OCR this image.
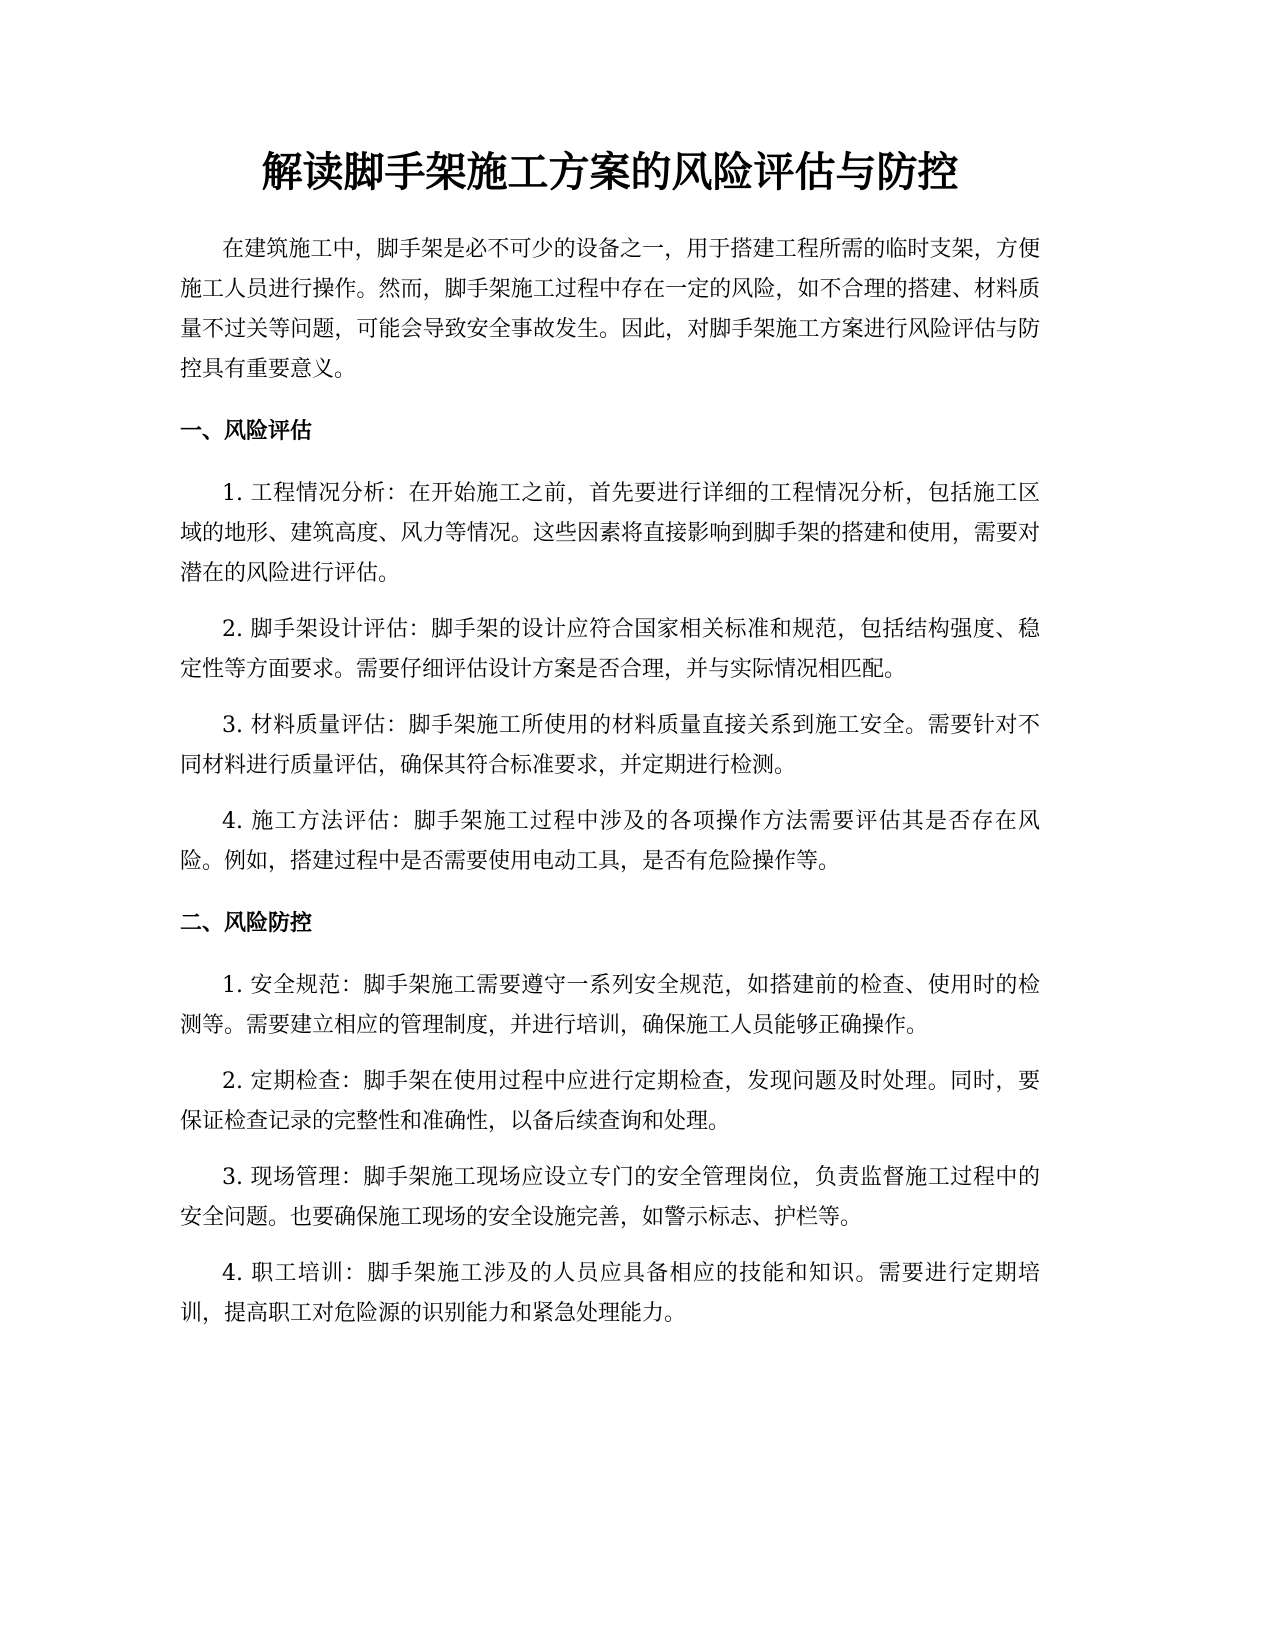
解读脚手架施工方案的风险评估与防控

在建筑施工中，脚手架是必不可少的设备之一，用于搭建工程所需的临时支架，方便施工人员进行操作。然而，脚手架施工过程中存在一定的风险，如不合理的搭建、材料质量不过关等问题，可能会导致安全事故发生。因此，对脚手架施工方案进行风险评估与防控具有重要意义。

一、风险评估

1. 工程情况分析：在开始施工之前，首先要进行详细的工程情况分析，包括施工区域的地形、建筑高度、风力等情况。这些因素将直接影响到脚手架的搭建和使用，需要对潜在的风险进行评估。

2. 脚手架设计评估：脚手架的设计应符合国家相关标准和规范，包括结构强度、稳定性等方面要求。需要仔细评估设计方案是否合理，并与实际情况相匹配。

3. 材料质量评估：脚手架施工所使用的材料质量直接关系到施工安全。需要针对不同材料进行质量评估，确保其符合标准要求，并定期进行检测。

4. 施工方法评估：脚手架施工过程中涉及的各项操作方法需要评估其是否存在风险。例如，搭建过程中是否需要使用电动工具，是否有危险操作等。

二、风险防控

1. 安全规范：脚手架施工需要遵守一系列安全规范，如搭建前的检查、使用时的检测等。需要建立相应的管理制度，并进行培训，确保施工人员能够正确操作。

2. 定期检查：脚手架在使用过程中应进行定期检查，发现问题及时处理。同时，要保证检查记录的完整性和准确性，以备后续查询和处理。

3. 现场管理：脚手架施工现场应设立专门的安全管理岗位，负责监督施工过程中的安全问题。也要确保施工现场的安全设施完善，如警示标志、护栏等。

4. 职工培训：脚手架施工涉及的人员应具备相应的技能和知识。需要进行定期培训，提高职工对危险源的识别能力和紧急处理能力。
